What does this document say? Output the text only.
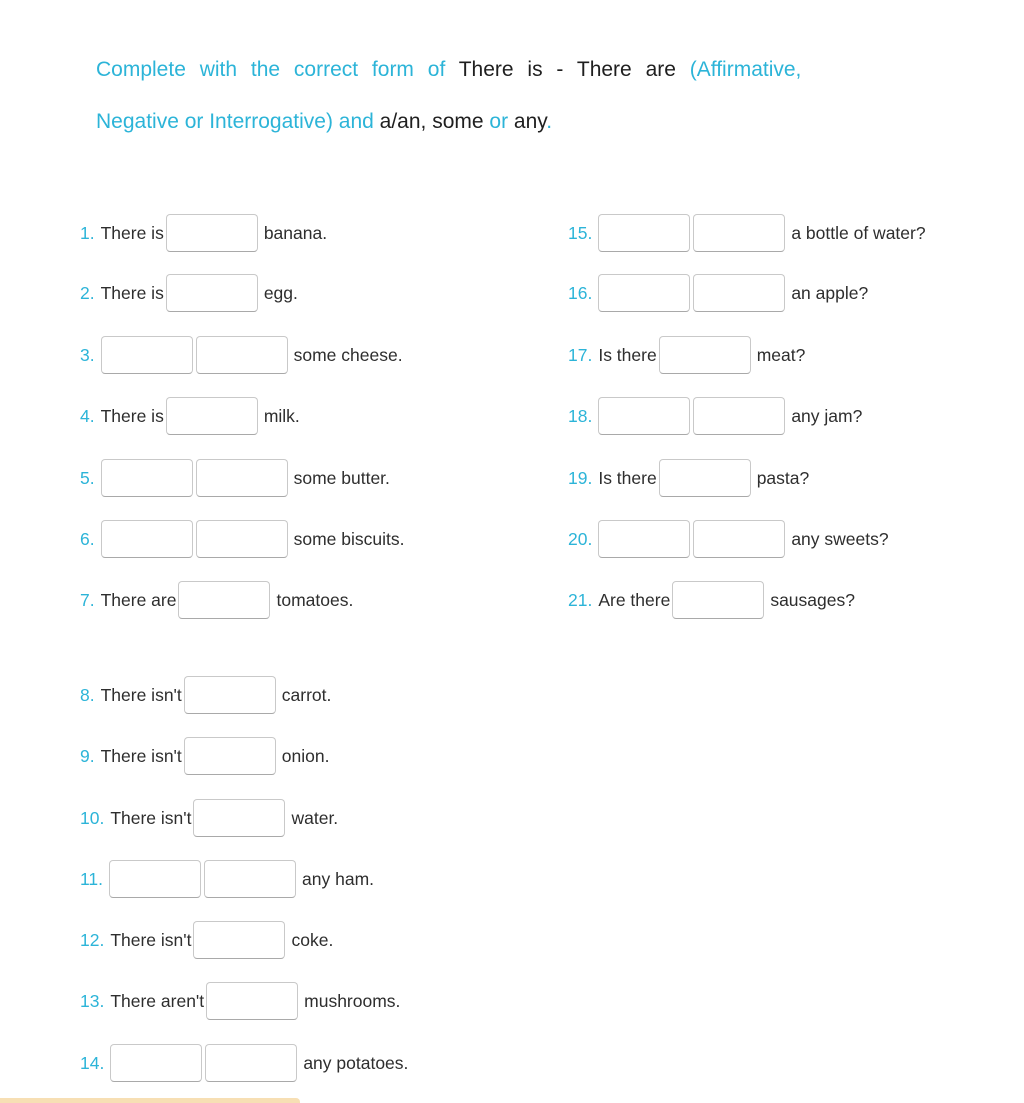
Complete with the correct form of There is - There are (Affirmative,
Negative or Interrogative) and a/an, some or any.
1. There is	banana.
2. There is	egg.
3.	some cheese.
4. There is	milk.
5.	some butter.
6.	some biscuits.
7. There are	tomatoes.
8. There isn't	carrot.
9. There isn't	onion.
10. There isn't	water.
11.	any ham.
12. There isn't	coke.
13. There aren't	mushrooms.
14.	any potatoes.
15.	a bottle of water?
16.	an apple?
17. Is there	meat?
18.	any jam?
19. Is there	pasta?
20.	any sweets?
21. Are there	sausages?
